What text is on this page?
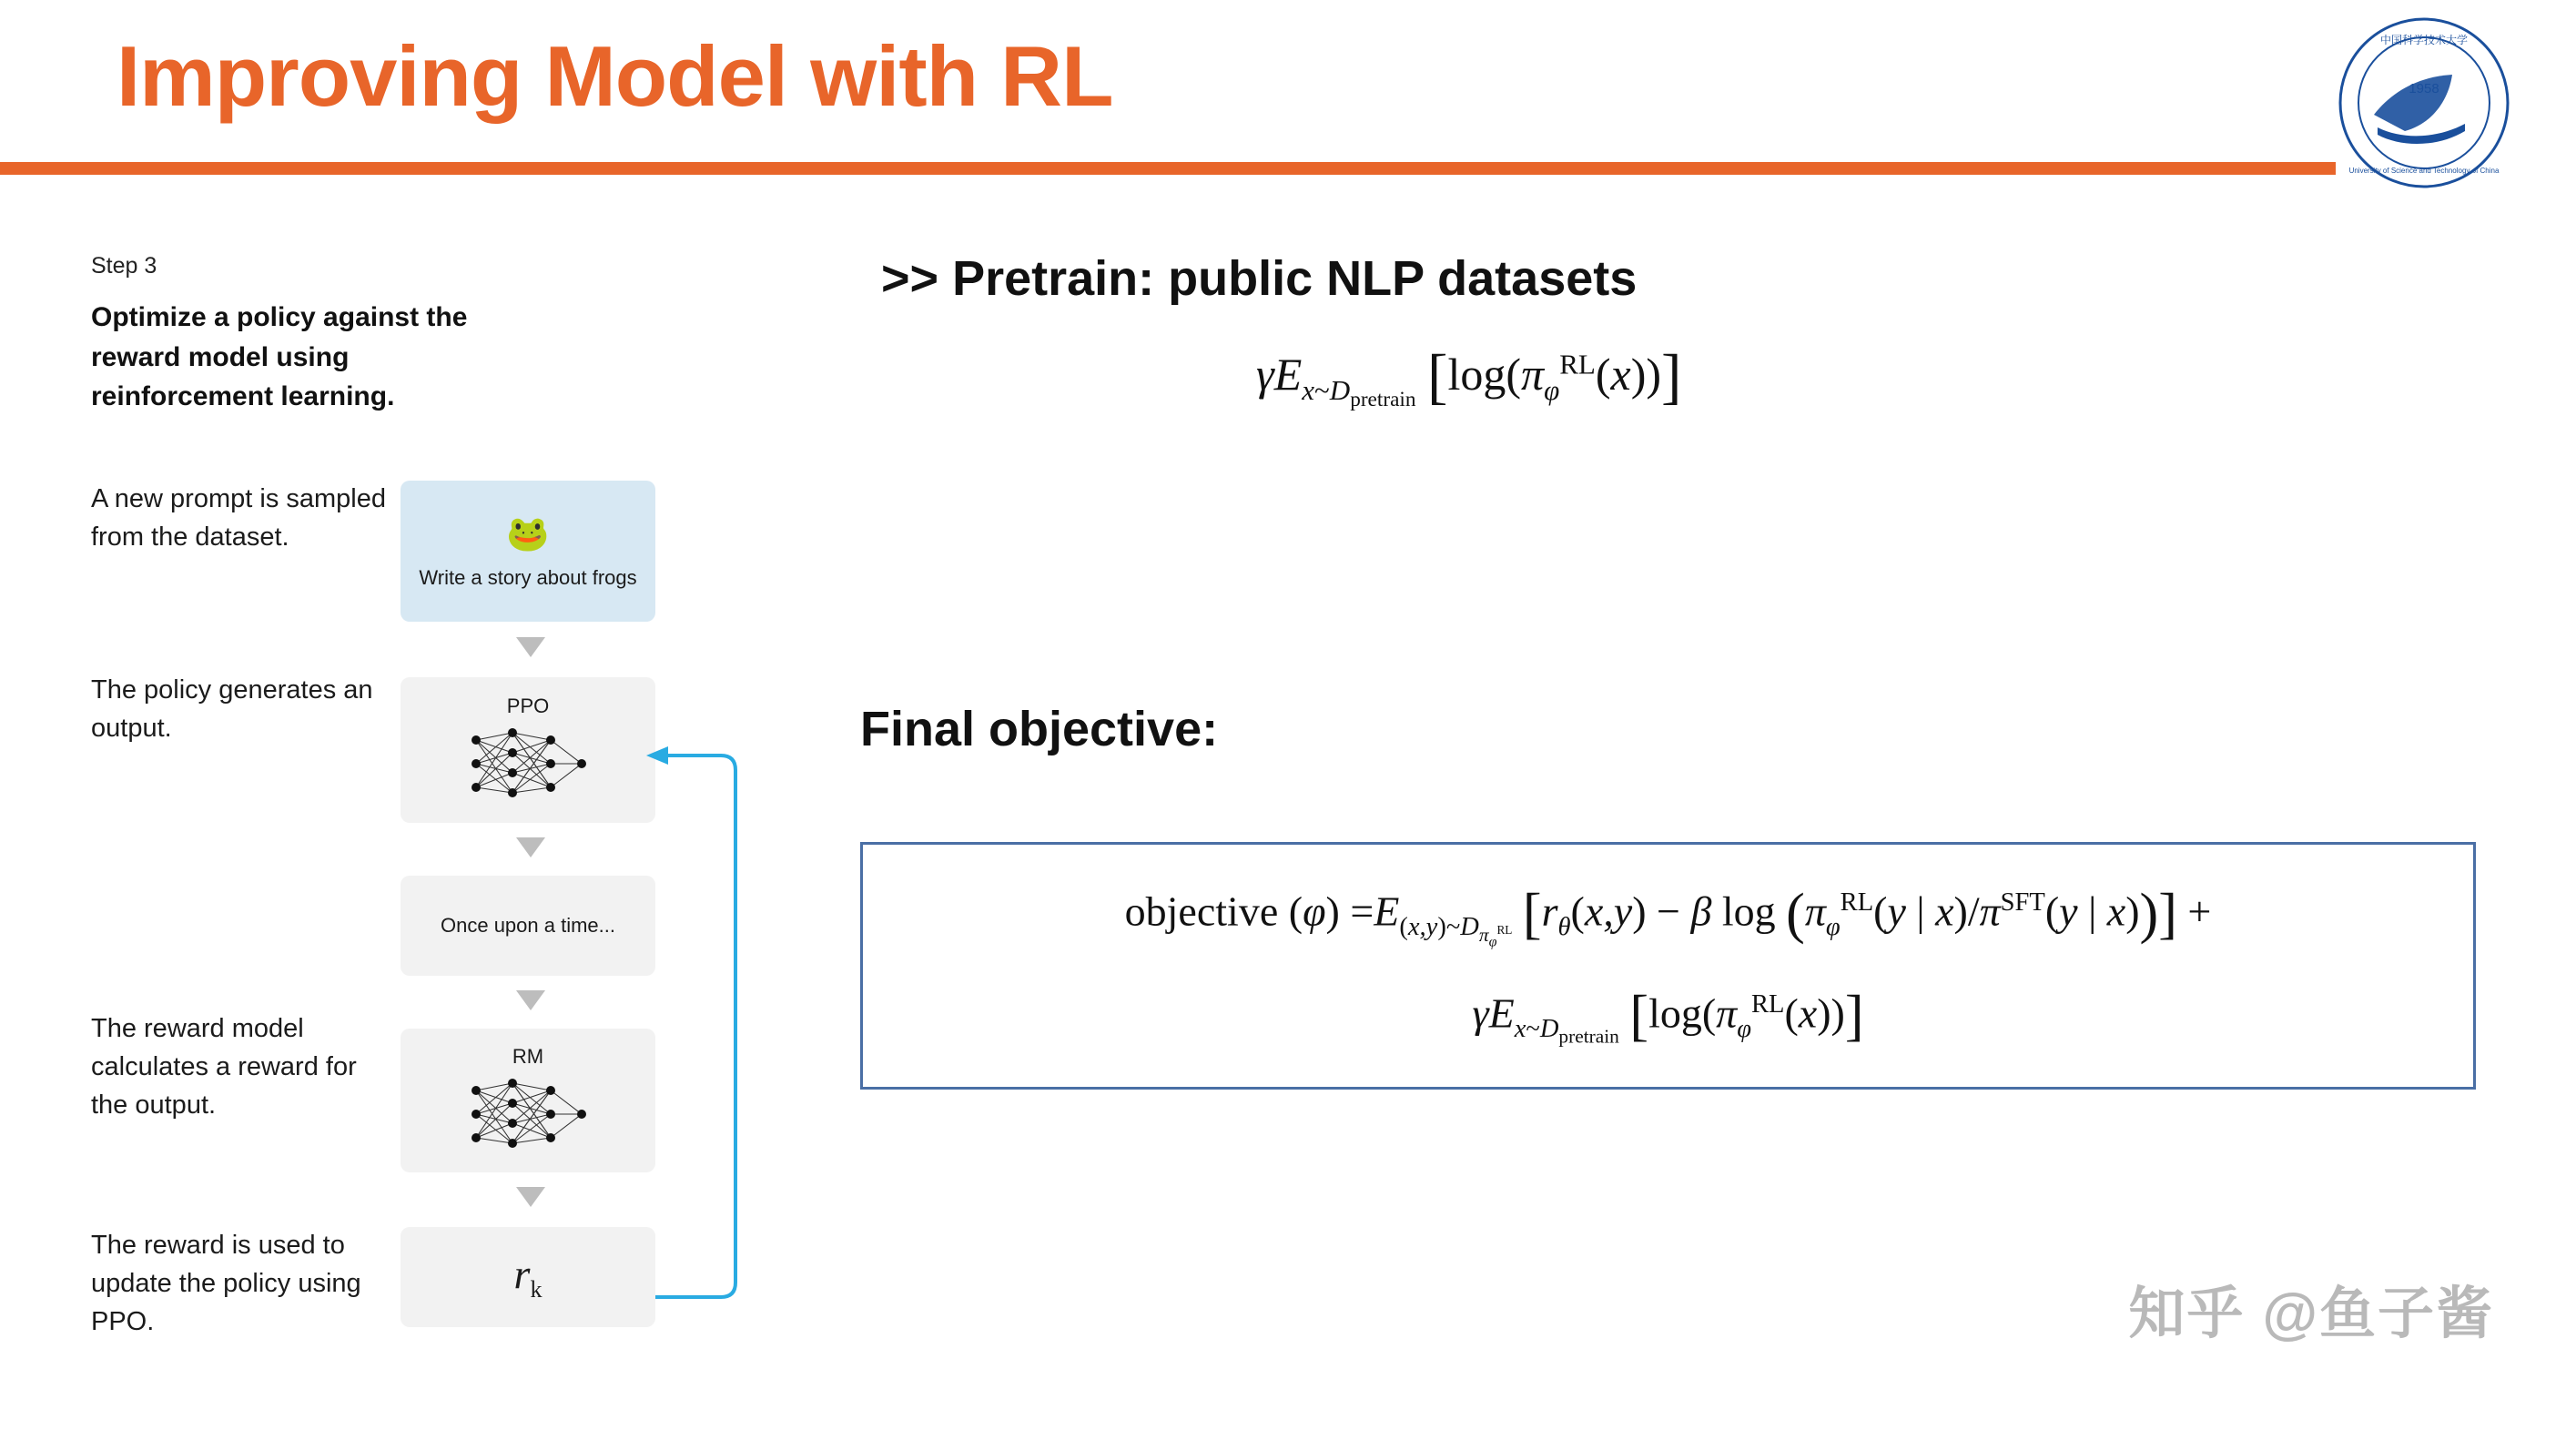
Improving Model with RL	1958
中国科学技术大学
University of Science and Technology of China
Step 3
Optimize a policy against the reward model using reinforcement learning.
A new prompt is sampled from the dataset.
The policy generates an output.
The reward model calculates a reward for the output.
The reward is used to update the policy using PPO.
🐸
Write a story about frogs
PPO
Once upon a time...
RM
$r_k$
>> Pretrain: public NLP datasets
$\gamma E_{x\sim D_{pretrain}}$ $[\log(\pi_\varphi^{RL}(x))]$
Final objective:
objective $(\varphi) =E_{(x,y)\sim D_{\pi_\varphi^{RL}}}$ [$r_\theta(x,y) - \beta$ $\log (\pi_\varphi^{RL}(y$ | $x)/\pi^{SFT}(y$ | x))] +
$\gamma E_{x\sim D_{pretrain}}$ $[\log(\pi_\varphi^{RL}(x))]$
知乎 @鱼子酱
